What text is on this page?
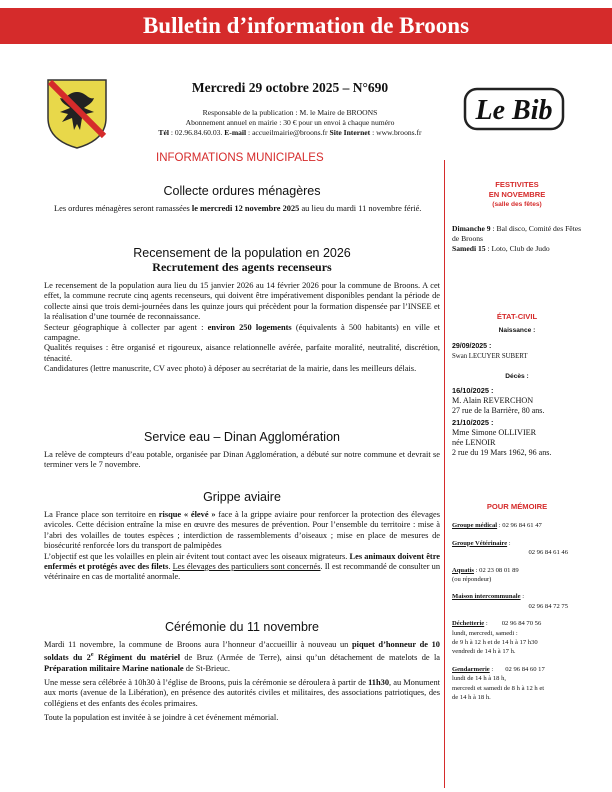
Bulletin d’information de Broons
Mercredi 29 octobre 2025 – N°690
Responsable de la publication : M. le Maire de BROONS
Abonnement annuel en mairie : 30 € pour un envoi à chaque numéro
Tél : 02.96.84.60.03. E-mail : accueilmairie@broons.fr Site Internet : www.broons.fr
Le Bib
INFORMATIONS MUNICIPALES
Collecte ordures ménagères

Les ordures ménagères seront ramassées le mercredi 12 novembre 2025 au lieu du mardi 11 novembre férié.

Recensement de la population en 2026
Recrutement des agents recenseurs

Le recensement de la population aura lieu du 15 janvier 2026 au 14 février 2026 pour la commune de Broons. A cet effet, la commune recrute cinq agents recenseurs, qui doivent être impérativement disponibles pendant la période de collecte ainsi que trois demi-journées dans les quinze jours qui précèdent pour la formation dispensée par l’INSEE et la réalisation d’une tournée de reconnaissance.

Secteur géographique à collecter par agent : environ 250 logements (équivalents à 500 habitants) en ville et campagne.

Qualités requises : être organisé et rigoureux, aisance relationnelle avérée, parfaite moralité, neutralité, discrétion, ténacité.

Candidatures (lettre manuscrite, CV avec photo) à déposer au secrétariat de la mairie, dans les meilleurs délais.

Service eau – Dinan Agglomération

La relève de compteurs d’eau potable, organisée par Dinan Agglomération, a débuté sur notre commune et devrait se terminer vers le 7 novembre.

Grippe aviaire

La France place son territoire en risque « élevé » face à la grippe aviaire pour renforcer la protection des élevages avicoles. Cette décision entraîne la mise en œuvre des mesures de prévention. Pour l’ensemble du territoire : mise à l’abri des volailles de toutes espèces ; interdiction de rassemblements d’oiseaux ; mise en place de mesures de biosécurité renforcée lors du transport de palmipèdes

L’objectif est que les volailles en plein air évitent tout contact avec les oiseaux migrateurs. Les animaux doivent être enfermés et protégés avec des filets. Les élevages des particuliers sont concernés. Il est recommandé de consulter un vétérinaire en cas de mortalité anormale.

Cérémonie du 11 novembre

Mardi 11 novembre, la commune de Broons aura l’honneur d’accueillir à nouveau un piquet d’honneur de 10 soldats du 2e Régiment du matériel de Bruz (Armée de Terre), ainsi qu’un détachement de matelots de la Préparation militaire Marine nationale de St-Brieuc.

Une messe sera célébrée à 10h30 à l’église de Broons, puis la cérémonie se déroulera à partir de 11h30, au Monument aux morts (avenue de la Libération), en présence des autorités civiles et militaires, des associations patriotiques, des collégiens et des enfants des écoles primaires.

Toute la population est invitée à se joindre à cet événement mémorial.

FESTIVITES
EN NOVEMBRE
(salle des fêtes)
Dimanche 9 : Bal disco, Comité des Fêtes de Broons
Samedi 15 : Loto, Club de Judo
ÉTAT-CIVIL
Naissance :
29/09/2025 :
Swan LECUYER SUBERT
Décès :
16/10/2025 :
M. Alain REVERCHON
27 rue de la Barrière, 80 ans.
21/10/2025 :
Mme Simone OLLIVIER
née LENOIR
2 rue du 19 Mars 1962, 96 ans.
POUR MÉMOIRE
Groupe médical : 02 96 84 61 47
Groupe Vétérinaire :
02 96 84 61 46
Aquatis : 02 23 08 01 89
(ou répondeur)
Maison intercommunale :
02 96 84 72 75
Déchetterie : 02 96 84 70 56
lundi, mercredi, samedi :
de 9 h à 12 h et de 14 h à 17 h30
vendredi de 14 h à 17 h.
Gendarmerie : 02 96 84 60 17
lundi de 14 h à 18 h,
mercredi et samedi de 8 h à 12 h et
de 14 h à 18 h.
